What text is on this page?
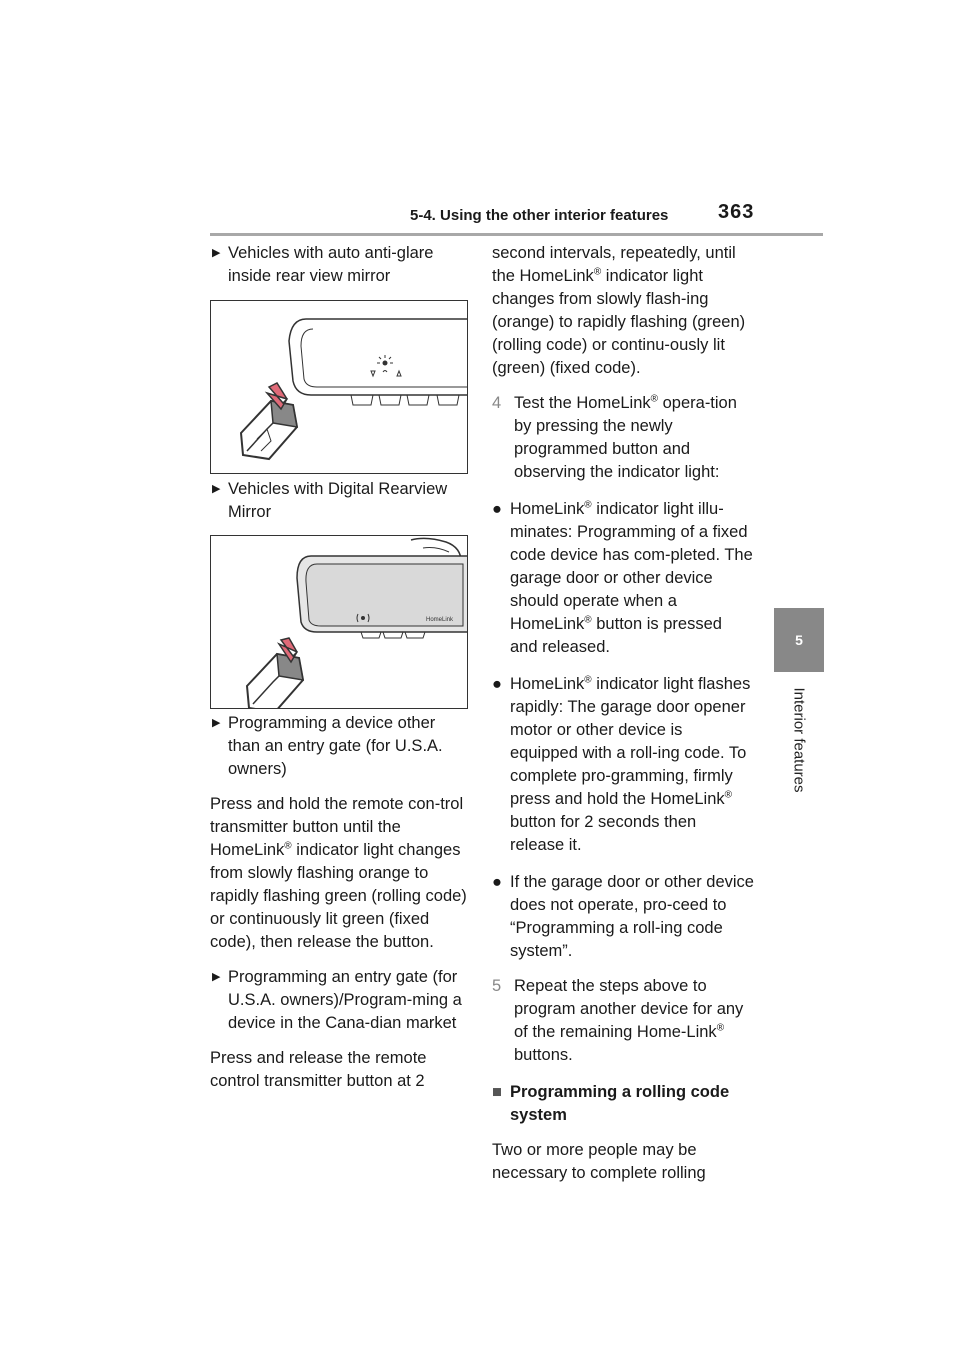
5-4. Using the other interior features 363
5
Interior features

▶ Vehicles with auto anti-glare inside rear view mirror

▶ Vehicles with Digital Rearview Mirror

HomeLink

▶ Programming a device other than an entry gate (for U.S.A. owners)

Press and hold the remote con-trol transmitter button until the HomeLink® indicator light changes from slowly flashing orange to rapidly flashing green (rolling code) or continuously lit green (fixed code), then release the button.

▶ Programming an entry gate (for U.S.A. owners)/Program-ming a device in the Cana-dian market

Press and release the remote control transmitter button at 2

second intervals, repeatedly, until the HomeLink® indicator light changes from slowly flash-ing (orange) to rapidly flashing (green) (rolling code) or continu-ously lit (green) (fixed code).

4 Test the HomeLink® opera-tion by pressing the newly programmed button and observing the indicator light:

● HomeLink® indicator light illu-minates: Programming of a fixed code device has com-pleted. The garage door or other device should operate when a HomeLink® button is pressed and released.

● HomeLink® indicator light flashes rapidly: The garage door opener motor or other device is equipped with a roll-ing code. To complete pro-gramming, firmly press and hold the HomeLink® button for 2 seconds then release it.

● If the garage door or other device does not operate, pro-ceed to “Programming a roll-ing code system”.

5 Repeat the steps above to program another device for any of the remaining Home-Link® buttons.

■ Programming a rolling code system

Two or more people may be necessary to complete rolling
